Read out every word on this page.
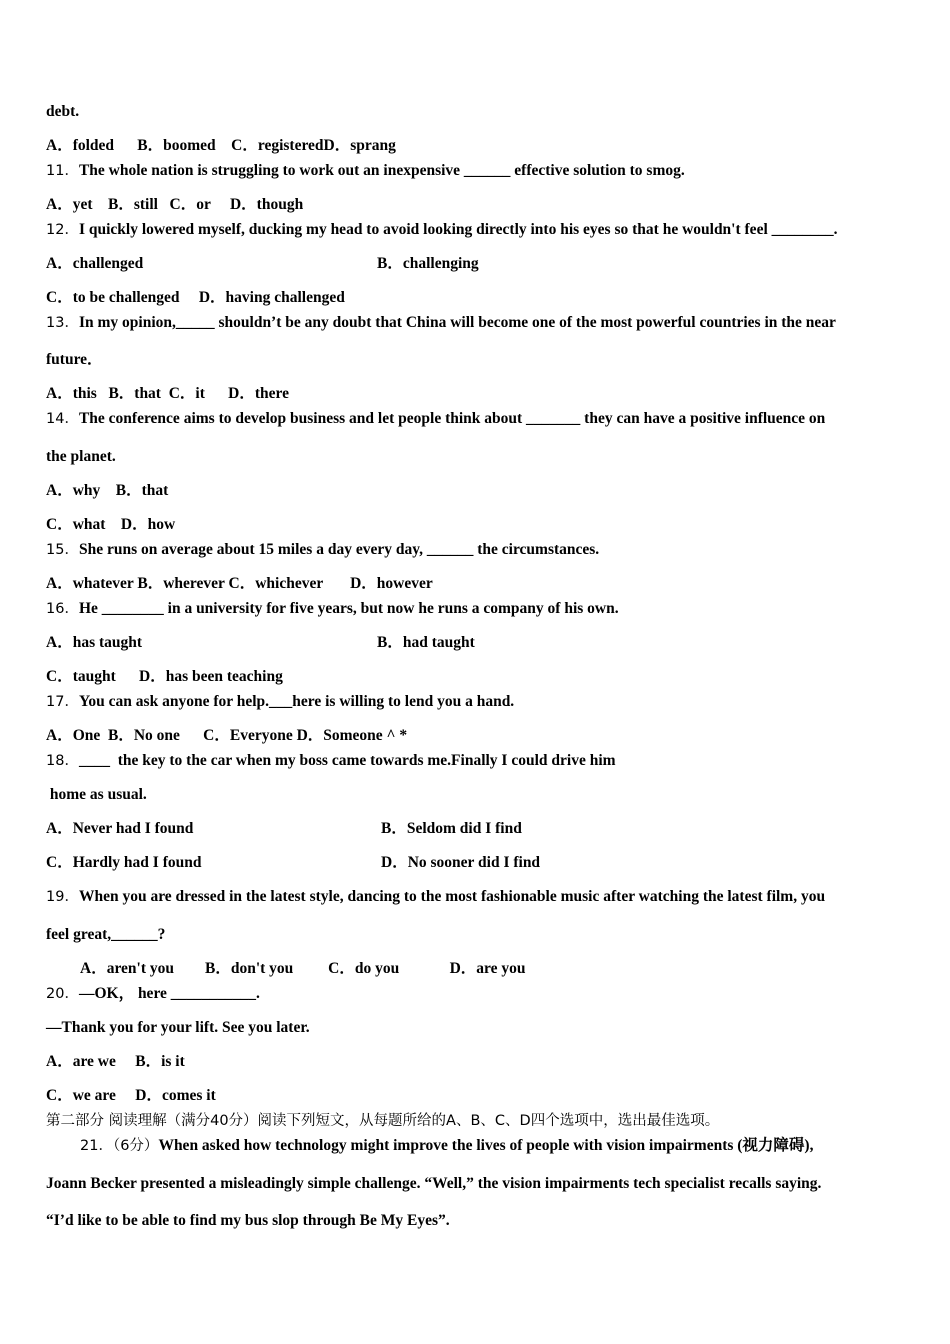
debt.
A．folded      B．boomed    C．registeredD．sprang
11．The whole nation is struggling to work out an inexpensive ______ effective solution to smog.
A．yet    B．still   C．or     D．though
12．I quickly lowered myself, ducking my head to avoid looking directly into his eyes so that he wouldn't feel ________.
A．challenged	B．challenging
C．to be challenged     D．having challenged
13．In my opinion,_____ shouldn’t be any doubt that China will become one of the most powerful countries in the near
future．
A．this   B．that  C．it      D．there
14．The conference aims to develop business and let people think about _______ they can have a positive influence on
the planet.
A．why    B．that
C．what    D．how
15．She runs on average about 15 miles a day every day, ______ the circumstances.
A．whatever B．wherever C．whichever       D．however
16．He ________ in a university for five years, but now he runs a company of his own.
A．has taught	B．had taught
C．taught      D．has been teaching
17．You can ask anyone for help.___here is willing to lend you a hand.
A．One  B．No one      C．Everyone D．Someone ^ *
18．____  the key to the car when my boss came towards me.Finally I could drive him
home as usual.
A．Never had I found	B．Seldom did I find
C．Hardly had I found	D．No sooner did I find
19．When you are dressed in the latest style, dancing to the most fashionable music after watching the latest film, you
feel great,______?
A．aren't you        B．don't you         C．do you             D．are you
20．—OK， here ___________.
—Thank you for your lift. See you later.
A．are we     B．is it
C．we are     D．comes it
第二部分 阅读理解（满分40分）阅读下列短文，从每题所给的A、B、C、D四个选项中，选出最佳选项。
21．（6分）When asked how technology might improve the lives of people with vision impairments (视力障碍),
Joann Becker presented a misleadingly simple challenge. “Well,” the vision impairments tech specialist recalls saying.
“I’d like to be able to find my bus slop through Be My Eyes”.
